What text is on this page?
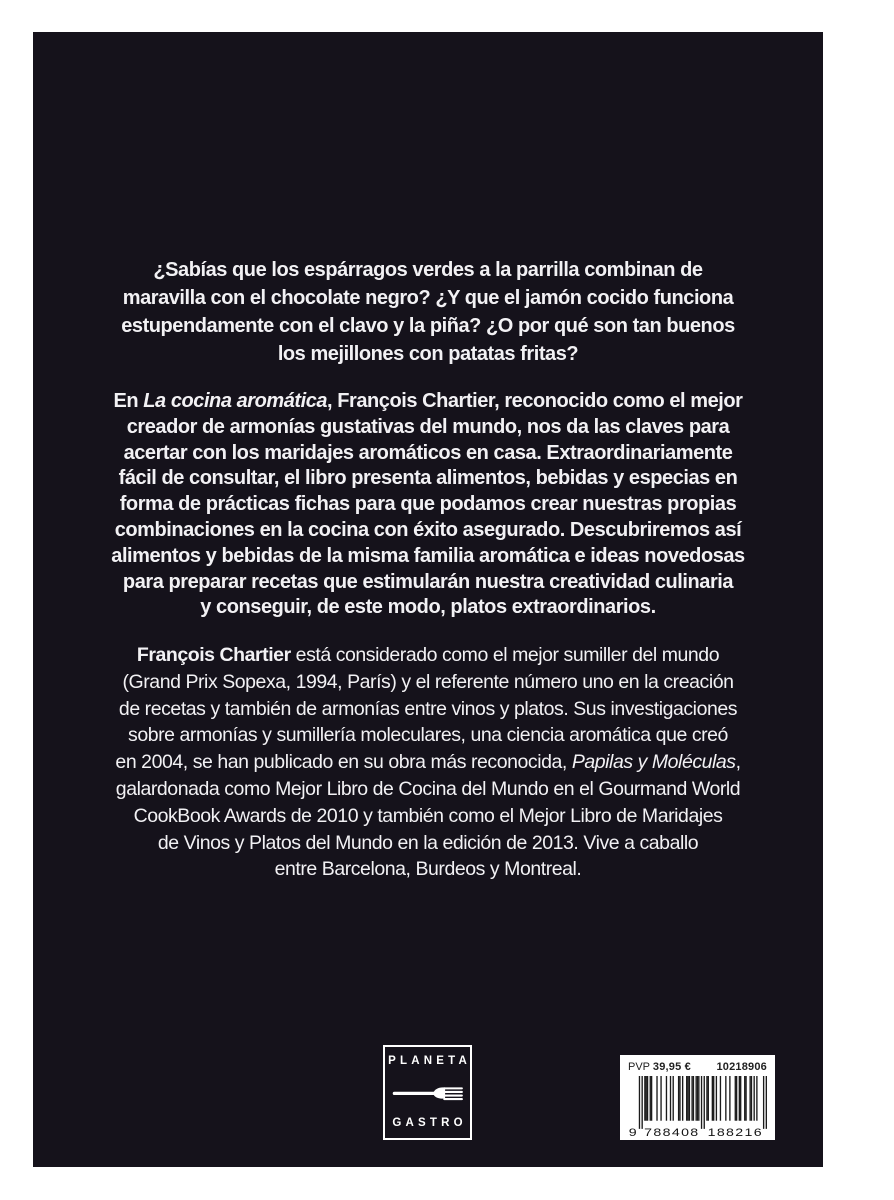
¿Sabías que los espárragos verdes a la parrilla combinan de
maravilla con el chocolate negro? ¿Y que el jamón cocido funciona
estupendamente con el clavo y la piña? ¿O por qué son tan buenos
los mejillones con patatas fritas?
En La cocina aromática, François Chartier, reconocido como el mejor
creador de armonías gustativas del mundo, nos da las claves para
acertar con los maridajes aromáticos en casa. Extraordinariamente
fácil de consultar, el libro presenta alimentos, bebidas y especias en
forma de prácticas fichas para que podamos crear nuestras propias
combinaciones en la cocina con éxito asegurado. Descubriremos así
alimentos y bebidas de la misma familia aromática e ideas novedosas
para preparar recetas que estimularán nuestra creatividad culinaria
y conseguir, de este modo, platos extraordinarios.
François Chartier está considerado como el mejor sumiller del mundo
(Grand Prix Sopexa, 1994, París) y el referente número uno en la creación
de recetas y también de armonías entre vinos y platos. Sus investigaciones
sobre armonías y sumillería moleculares, una ciencia aromática que creó
en 2004, se han publicado en su obra más reconocida, Papilas y Moléculas,
galardonada como Mejor Libro de Cocina del Mundo en el Gourmand World
CookBook Awards de 2010 y también como el Mejor Libro de Maridajes
de Vinos y Platos del Mundo en la edición de 2013. Vive a caballo
entre Barcelona, Burdeos y Montreal.
PLANETA
GASTRO
PVP 39,95 € 10218906
9 788408 188216
